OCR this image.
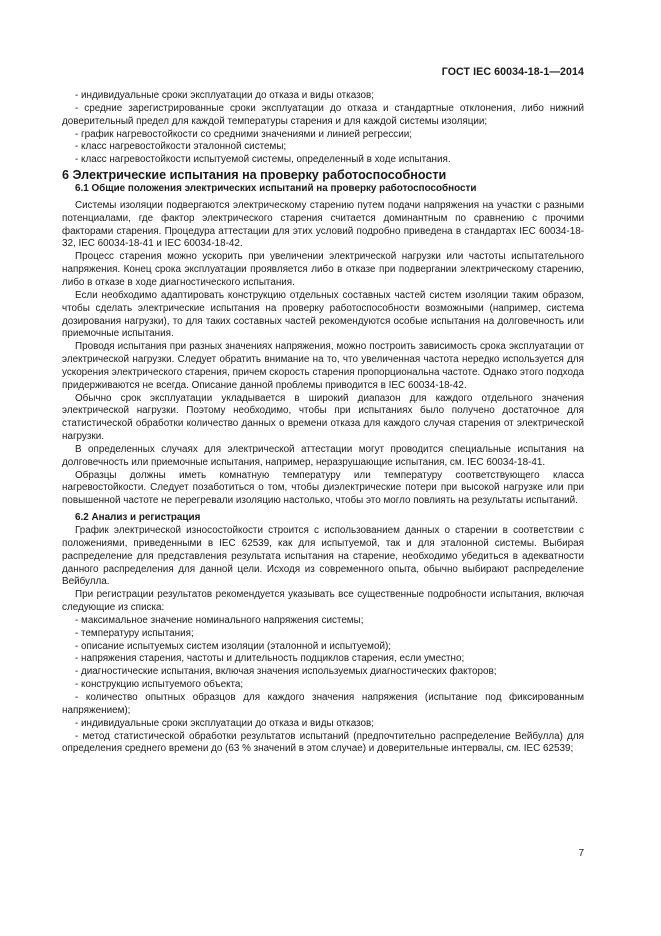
ГОСТ IEC 60034-18-1—2014

- индивидуальные сроки эксплуатации до отказа и виды отказов;

- средние зарегистрированные сроки эксплуатации до отказа и стандартные отклонения, либо нижний доверительный предел для каждой температуры старения и для каждой системы изоляции;

- график нагревостойкости со средними значениями и линией регрессии;

- класс нагревостойкости эталонной системы;

- класс нагревостойкости испытуемой системы, определенный в ходе испытания.

6 Электрические испытания на проверку работоспособности

6.1 Общие положения электрических испытаний на проверку работоспособности

Системы изоляции подвергаются электрическому старению путем подачи напряжения на участки с разными потенциалами, где фактор электрического старения считается доминантным по сравнению с прочими факторами старения. Процедура аттестации для этих условий подробно приведена в стандартах IEC 60034-18-32, IEC 60034-18-41 и IEC 60034-18-42.

Процесс старения можно ускорить при увеличении электрической нагрузки или частоты испытательного напряжения. Конец срока эксплуатации проявляется либо в отказе при подвергании электрическому старению, либо в отказе в ходе диагностического испытания.

Если необходимо адаптировать конструкцию отдельных составных частей систем изоляции таким образом, чтобы сделать электрические испытания на проверку работоспособности возможными (например, система дозирования нагрузки), то для таких составных частей рекомендуются особые испытания на долговечность или приемочные испытания.

Проводя испытания при разных значениях напряжения, можно построить зависимость срока эксплуатации от электрической нагрузки. Следует обратить внимание на то, что увеличенная частота нередко используется для ускорения электрического старения, причем скорость старения пропорциональна частоте. Однако этого подхода придерживаются не всегда. Описание данной проблемы приводится в IEC 60034-18-42.

Обычно срок эксплуатации укладывается в широкий диапазон для каждого отдельного значения электрической нагрузки. Поэтому необходимо, чтобы при испытаниях было получено достаточное для статистической обработки количество данных о времени отказа для каждого случая старения от электрической нагрузки.

В определенных случаях для электрической аттестации могут проводится специальные испытания на долговечность или приемочные испытания, например, неразрушающие испытания, см. IEC 60034-18-41.

Образцы должны иметь комнатную температуру или температуру соответствующего класса нагревостойкости. Следует позаботиться о том, чтобы диэлектрические потери при высокой нагрузке или при повышенной частоте не перегревали изоляцию настолько, чтобы это могло повлиять на результаты испытаний.

6.2 Анализ и регистрация

График электрической износостойкости строится с использованием данных о старении в соответствии с положениями, приведенными в IEC 62539, как для испытуемой, так и для эталонной системы. Выбирая распределение для представления результата испытания на старение, необходимо убедиться в адекватности данного распределения для данной цели. Исходя из современного опыта, обычно выбирают распределение Вейбулла.

При регистрации результатов рекомендуется указывать все существенные подробности испытания, включая следующие из списка:

- максимальное значение номинального напряжения системы;

- температуру испытания;

- описание испытуемых систем изоляции (эталонной и испытуемой);

- напряжения старения, частоты и длительность подциклов старения, если уместно;

- диагностические испытания, включая значения используемых диагностических факторов;

- конструкцию испытуемого объекта;

- количество опытных образцов для каждого значения напряжения (испытание под фиксированным напряжением);

- индивидуальные сроки эксплуатации до отказа и виды отказов;

- метод статистической обработки результатов испытаний (предпочтительно распределение Вейбулла) для определения среднего времени до (63 % значений в этом случае) и доверительные интервалы, см. IEC 62539;

7
